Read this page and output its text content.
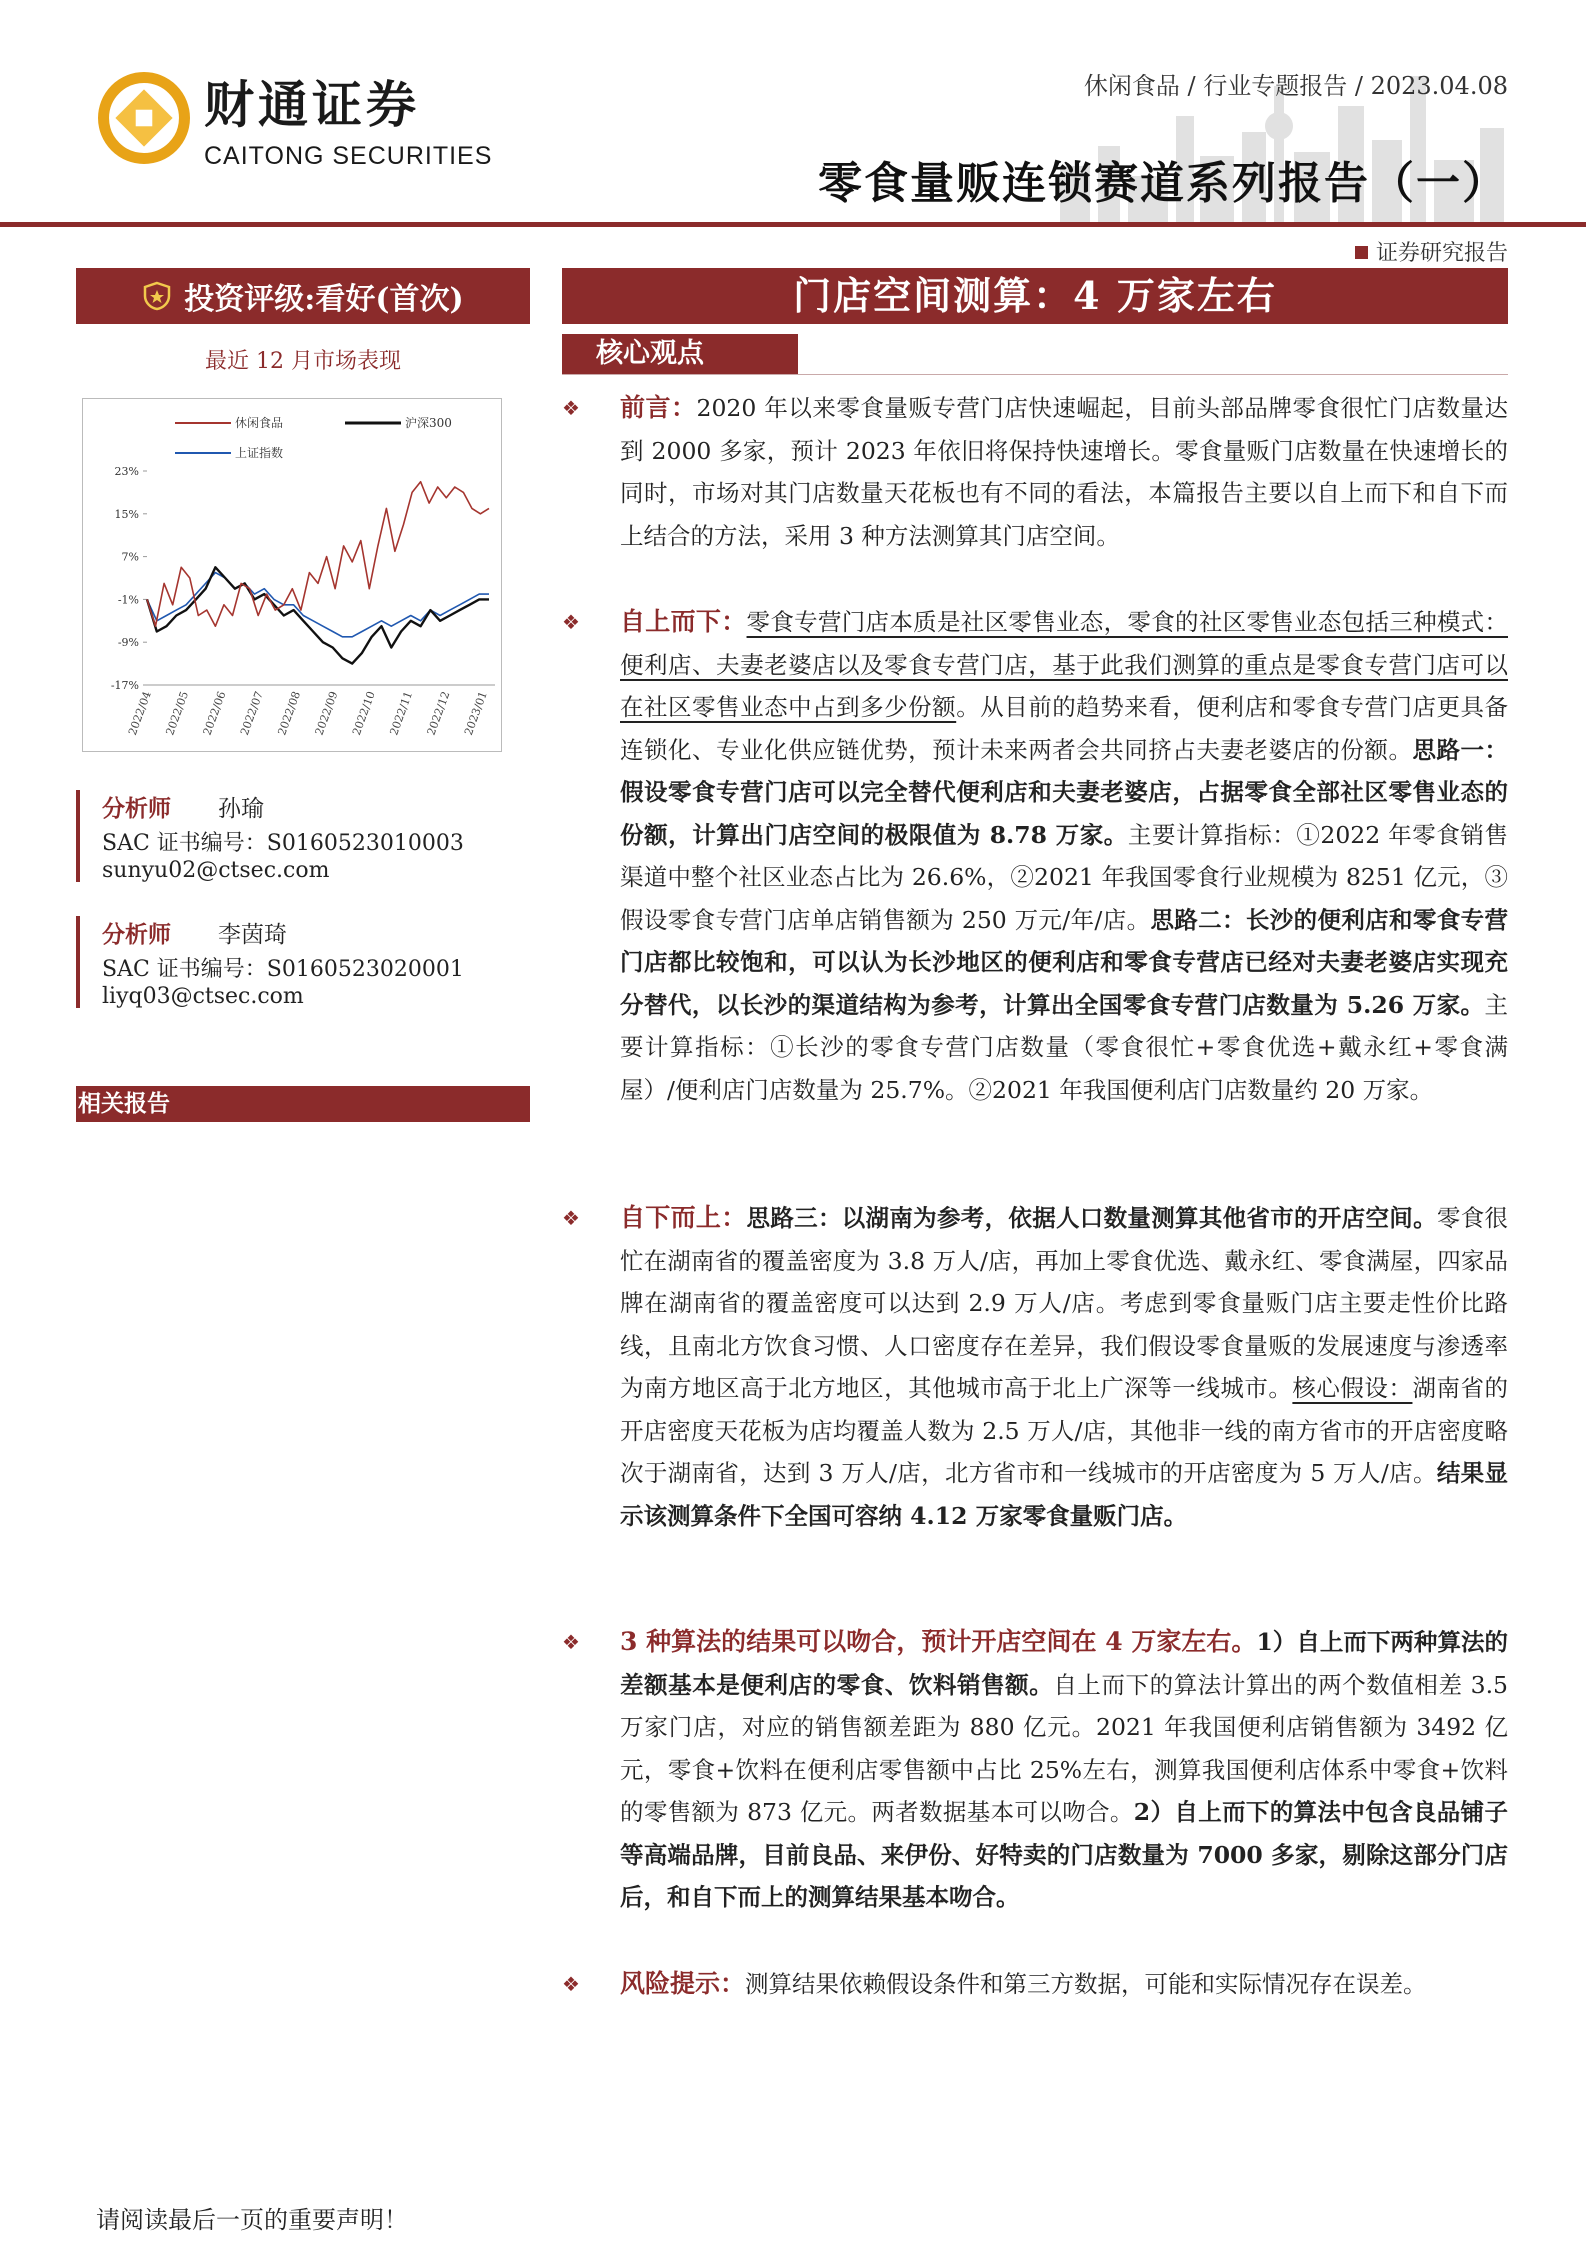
财通证券
CAITONG SECURITIES
休闲食品 / 行业专题报告 / 2023.04.08
零食量贩连锁赛道系列报告（一）
证券研究报告
投资评级:看好(首次)
最近 12 月市场表现
休闲食品	沪深300
上证指数
23%
15%
7%
-1%
-9%
-17%
2022/04 2022/05 2022/06 2022/07 2022/08 2022/09 2022/10 2022/11 2022/12 2023/01
分析师 孙瑜
SAC 证书编号：S0160523010003
sunyu02@ctsec.com
分析师 李茵琦
SAC 证书编号：S0160523020001
liyq03@ctsec.com
相关报告
门店空间测算：4 万家左右
核心观点
❖ 前言：2020 年以来零食量贩专营门店快速崛起，目前头部品牌零食很忙门店数量达到 2000 多家，预计 2023 年依旧将保持快速增长。零食量贩门店数量在快速增长的同时，市场对其门店数量天花板也有不同的看法，本篇报告主要以自上而下和自下而上结合的方法，采用 3 种方法测算其门店空间。
❖ 自上而下：零食专营门店本质是社区零售业态，零食的社区零售业态包括三种模式：便利店、夫妻老婆店以及零食专营门店，基于此我们测算的重点是零食专营门店可以在社区零售业态中占到多少份额。从目前的趋势来看，便利店和零食专营门店更具备连锁化、专业化供应链优势，预计未来两者会共同挤占夫妻老婆店的份额。思路一：假设零食专营门店可以完全替代便利店和夫妻老婆店，占据零食全部社区零售业态的份额，计算出门店空间的极限值为 8.78 万家。主要计算指标：①2022 年零食销售渠道中整个社区业态占比为 26.6%，②2021 年我国零食行业规模为 8251 亿元，③假设零食专营门店单店销售额为 250 万元/年/店。思路二：长沙的便利店和零食专营门店都比较饱和，可以认为长沙地区的便利店和零食专营店已经对夫妻老婆店实现充分替代，以长沙的渠道结构为参考，计算出全国零食专营门店数量为 5.26 万家。主要计算指标：①长沙的零食专营门店数量（零食很忙+零食优选+戴永红+零食满屋）/便利店门店数量为 25.7%。②2021 年我国便利店门店数量约 20 万家。
❖ 自下而上：思路三：以湖南为参考，依据人口数量测算其他省市的开店空间。零食很忙在湖南省的覆盖密度为 3.8 万人/店，再加上零食优选、戴永红、零食满屋，四家品牌在湖南省的覆盖密度可以达到 2.9 万人/店。考虑到零食量贩门店主要走性价比路线，且南北方饮食习惯、人口密度存在差异，我们假设零食量贩的发展速度与渗透率为南方地区高于北方地区，其他城市高于北上广深等一线城市。核心假设：湖南省的开店密度天花板为店均覆盖人数为 2.5 万人/店，其他非一线的南方省市的开店密度略次于湖南省，达到 3 万人/店，北方省市和一线城市的开店密度为 5 万人/店。结果显示该测算条件下全国可容纳 4.12 万家零食量贩门店。
❖ 3 种算法的结果可以吻合，预计开店空间在 4 万家左右。1）自上而下两种算法的差额基本是便利店的零食、饮料销售额。自上而下的算法计算出的两个数值相差 3.5 万家门店，对应的销售额差距为 880 亿元。2021 年我国便利店销售额为 3492 亿元，零食+饮料在便利店零售额中占比 25%左右，测算我国便利店体系中零食+饮料的零售额为 873 亿元。两者数据基本可以吻合。2）自上而下的算法中包含良品铺子等高端品牌，目前良品、来伊份、好特卖的门店数量为 7000 多家，剔除这部分门店后，和自下而上的测算结果基本吻合。
❖ 风险提示：测算结果依赖假设条件和第三方数据，可能和实际情况存在误差。
请阅读最后一页的重要声明！
